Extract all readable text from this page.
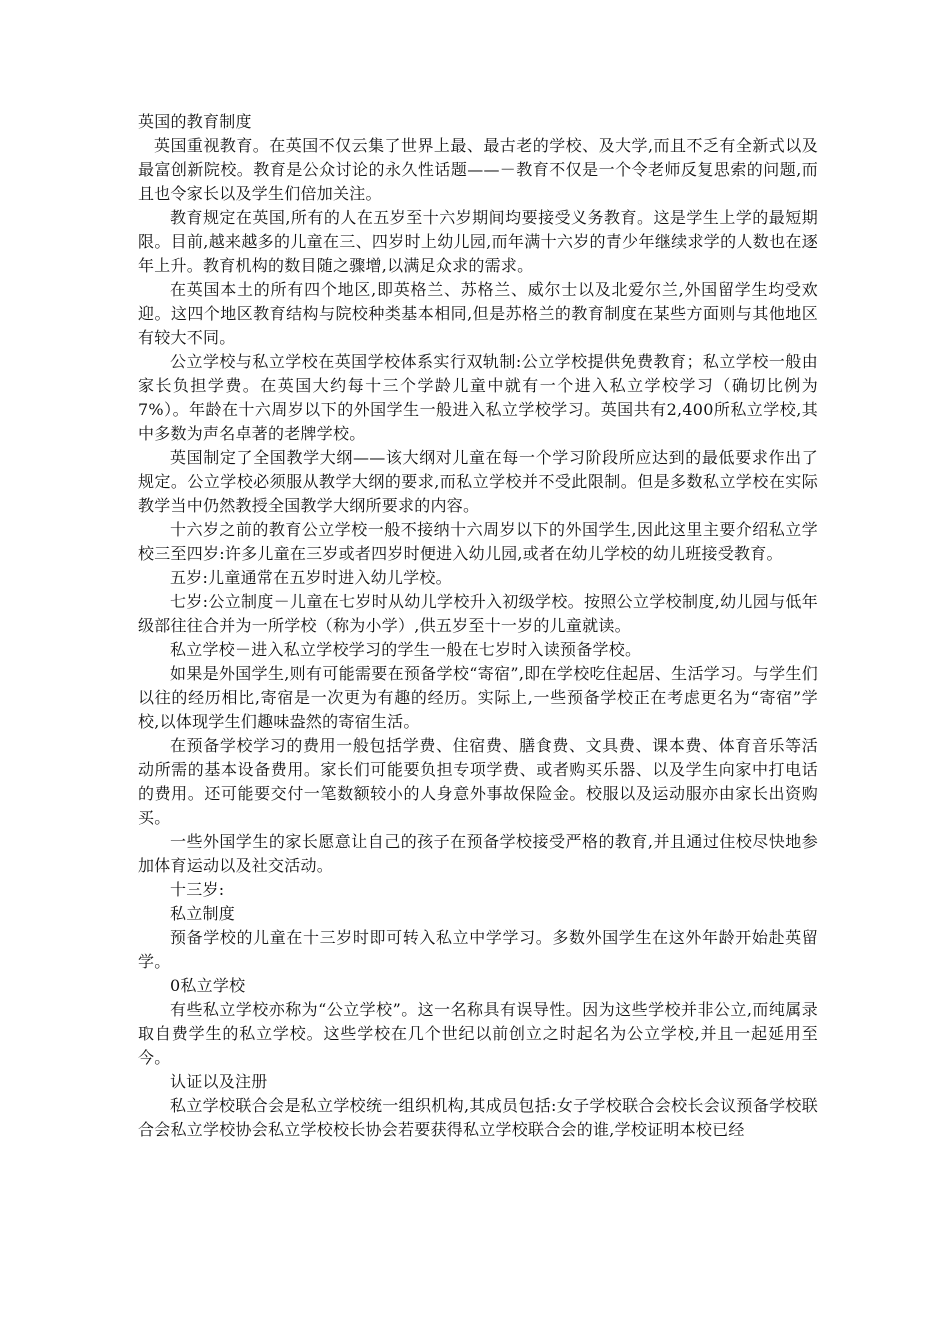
英国的教育制度

英国重视教育。在英国不仅云集了世界上最、最古老的学校、及大学,而且不乏有全新式以及最富创新院校。教育是公众讨论的永久性话题——－教育不仅是一个令老师反复思索的问题,而且也令家长以及学生们倍加关注。

教育规定在英国,所有的人在五岁至十六岁期间均要接受义务教育。这是学生上学的最短期限。目前,越来越多的儿童在三、四岁时上幼儿园,而年满十六岁的青少年继续求学的人数也在逐年上升。教育机构的数目随之骤增,以满足众求的需求。

在英国本土的所有四个地区,即英格兰、苏格兰、威尔士以及北爱尔兰,外国留学生均受欢迎。这四个地区教育结构与院校种类基本相同,但是苏格兰的教育制度在某些方面则与其他地区有较大不同。

公立学校与私立学校在英国学校体系实行双轨制:公立学校提供免费教育；私立学校一般由家长负担学费。在英国大约每十三个学龄儿童中就有一个进入私立学校学习（确切比例为7%）。年龄在十六周岁以下的外国学生一般进入私立学校学习。英国共有2,400所私立学校,其中多数为声名卓著的老牌学校。

英国制定了全国教学大纲——该大纲对儿童在每一个学习阶段所应达到的最低要求作出了规定。公立学校必须服从教学大纲的要求,而私立学校并不受此限制。但是多数私立学校在实际教学当中仍然教授全国教学大纲所要求的内容。

十六岁之前的教育公立学校一般不接纳十六周岁以下的外国学生,因此这里主要介绍私立学校三至四岁:许多儿童在三岁或者四岁时便进入幼儿园,或者在幼儿学校的幼儿班接受教育。

五岁:儿童通常在五岁时进入幼儿学校。

七岁:公立制度－儿童在七岁时从幼儿学校升入初级学校。按照公立学校制度,幼儿园与低年级部往往合并为一所学校（称为小学）,供五岁至十一岁的儿童就读。

私立学校－进入私立学校学习的学生一般在七岁时入读预备学校。

如果是外国学生,则有可能需要在预备学校“寄宿”,即在学校吃住起居、生活学习。与学生们以往的经历相比,寄宿是一次更为有趣的经历。实际上,一些预备学校正在考虑更名为“寄宿”学校,以体现学生们趣味盎然的寄宿生活。

在预备学校学习的费用一般包括学费、住宿费、膳食费、文具费、课本费、体育音乐等活动所需的基本设备费用。家长们可能要负担专项学费、或者购买乐器、以及学生向家中打电话的费用。还可能要交付一笔数额较小的人身意外事故保险金。校服以及运动服亦由家长出资购买。

一些外国学生的家长愿意让自己的孩子在预备学校接受严格的教育,并且通过住校尽快地参加体育运动以及社交活动。

十三岁:

私立制度

预备学校的儿童在十三岁时即可转入私立中学学习。多数外国学生在这外年龄开始赴英留学。

0私立学校

有些私立学校亦称为“公立学校”。这一名称具有误导性。因为这些学校并非公立,而纯属录取自费学生的私立学校。这些学校在几个世纪以前创立之时起名为公立学校,并且一起延用至今。

认证以及注册

私立学校联合会是私立学校统一组织机构,其成员包括:女子学校联合会校长会议预备学校联合会私立学校协会私立学校校长协会若要获得私立学校联合会的谁,学校证明本校已经
